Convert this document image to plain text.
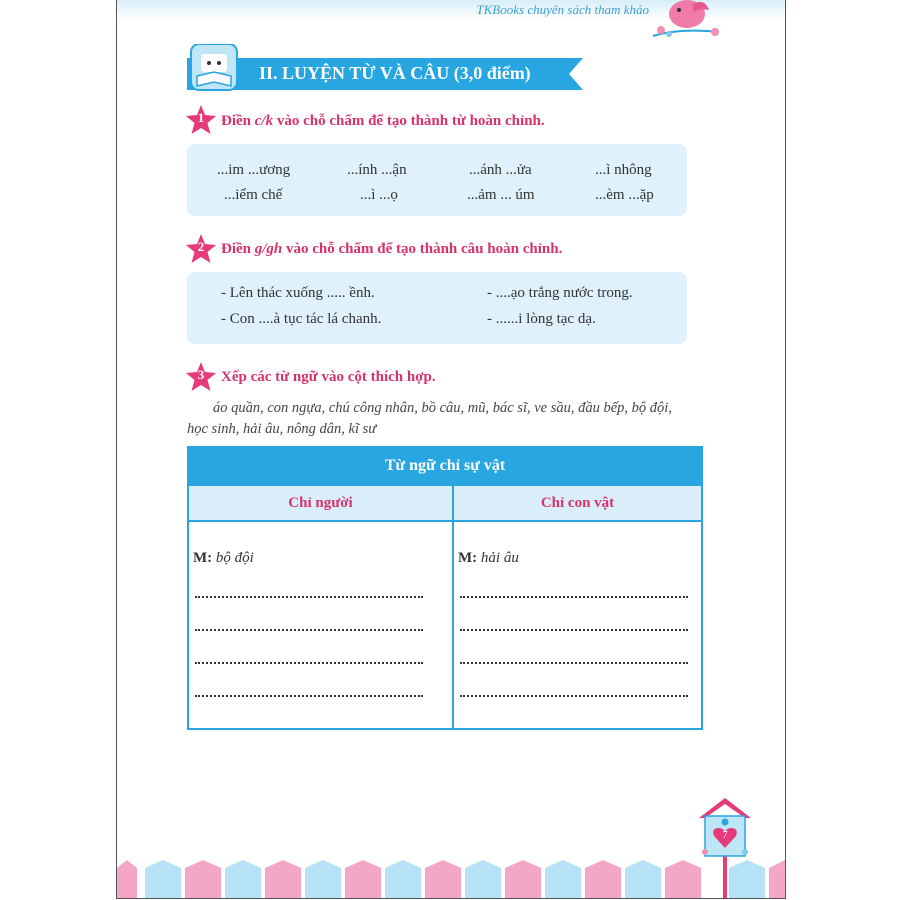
TKBooks chuyên sách tham khảo
II. LUYỆN TỪ VÀ CÂU (3,0 điểm)
1	Điền c/k vào chỗ chấm để tạo thành từ hoàn chỉnh.
...im ...ương	...ính ...ận	...ánh ...ửa	...ì nhông
...iểm chế	...ì ...ọ	...ảm ... úm	...èm ...ặp
2	Điền g/gh vào chỗ chấm để tạo thành câu hoàn chỉnh.
- Lên thác xuống ..... ềnh.	- ....ạo trắng nước trong.
- Con ....à tục tác lá chanh.	- ......i lòng tạc dạ.
3	Xếp các từ ngữ vào cột thích hợp.
áo quần, con ngựa, chú công nhân, bồ câu, mũ, bác sĩ, ve sầu, đầu bếp, bộ đội,
học sinh, hải âu, nông dân, kĩ sư
Từ ngữ chỉ sự vật
Chỉ người	Chỉ con vật
M: bộ đội	M: hải âu
7
